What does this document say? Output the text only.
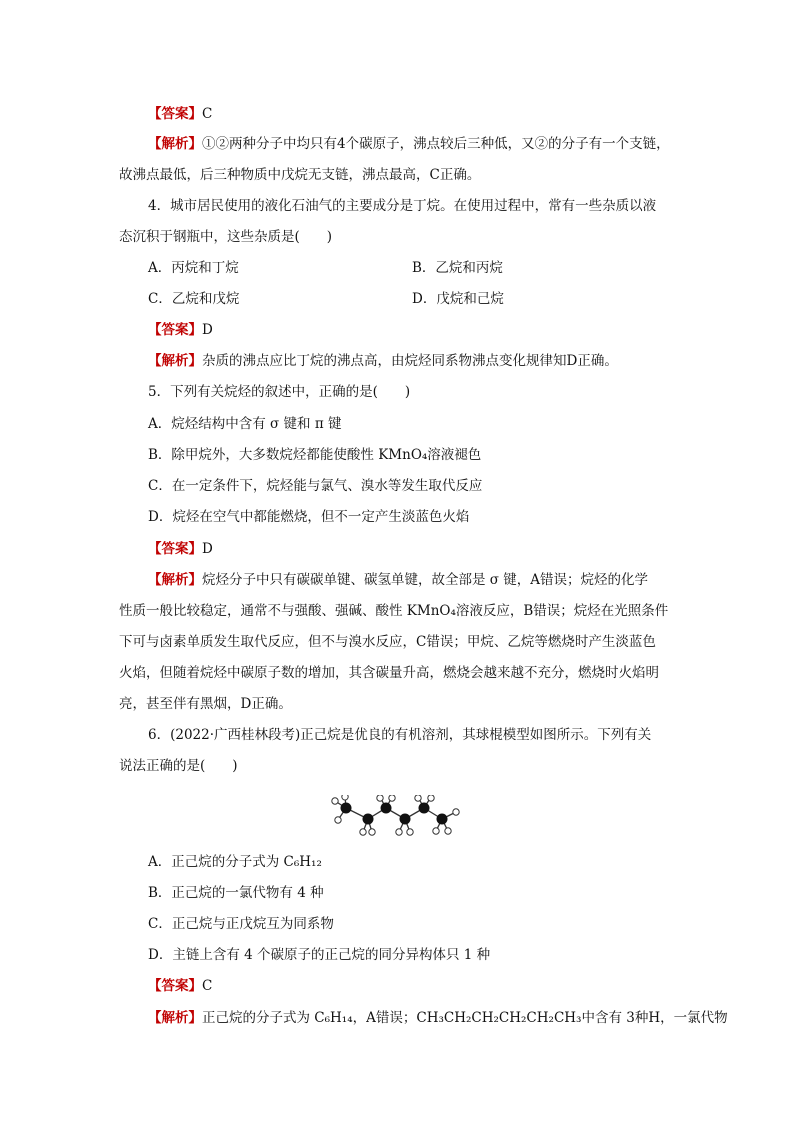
【答案】C
【解析】①②两种分子中均只有4个碳原子，沸点较后三种低，又②的分子有一个支链，
故沸点最低，后三种物质中戊烷无支链，沸点最高，C正确。
4．城市居民使用的液化石油气的主要成分是丁烷。在使用过程中，常有一些杂质以液
态沉积于钢瓶中，这些杂质是(　　)
A．丙烷和丁烷	B．乙烷和丙烷
C．乙烷和戊烷	D．戊烷和己烷
【答案】D
【解析】杂质的沸点应比丁烷的沸点高，由烷烃同系物沸点变化规律知D正确。
5．下列有关烷烃的叙述中，正确的是(　　)
A．烷烃结构中含有 σ 键和 π 键
B．除甲烷外，大多数烷烃都能使酸性 KMnO₄溶液褪色
C．在一定条件下，烷烃能与氯气、溴水等发生取代反应
D．烷烃在空气中都能燃烧，但不一定产生淡蓝色火焰
【答案】D
【解析】烷烃分子中只有碳碳单键、碳氢单键，故全部是 σ 键，A错误；烷烃的化学
性质一般比较稳定，通常不与强酸、强碱、酸性 KMnO₄溶液反应，B错误；烷烃在光照条件
下可与卤素单质发生取代反应，但不与溴水反应，C错误；甲烷、乙烷等燃烧时产生淡蓝色
火焰，但随着烷烃中碳原子数的增加，其含碳量升高，燃烧会越来越不充分，燃烧时火焰明
亮，甚至伴有黑烟，D正确。
6．(2022·广西桂林段考)正己烷是优良的有机溶剂，其球棍模型如图所示。下列有关
说法正确的是(　　)
A．正己烷的分子式为 C₆H₁₂
B．正己烷的一氯代物有 4 种
C．正己烷与正戊烷互为同系物
D．主链上含有 4 个碳原子的正己烷的同分异构体只 1 种
【答案】C
【解析】正己烷的分子式为 C₆H₁₄，A错误；CH₃CH₂CH₂CH₂CH₂CH₃中含有 3种H，一氯代物
